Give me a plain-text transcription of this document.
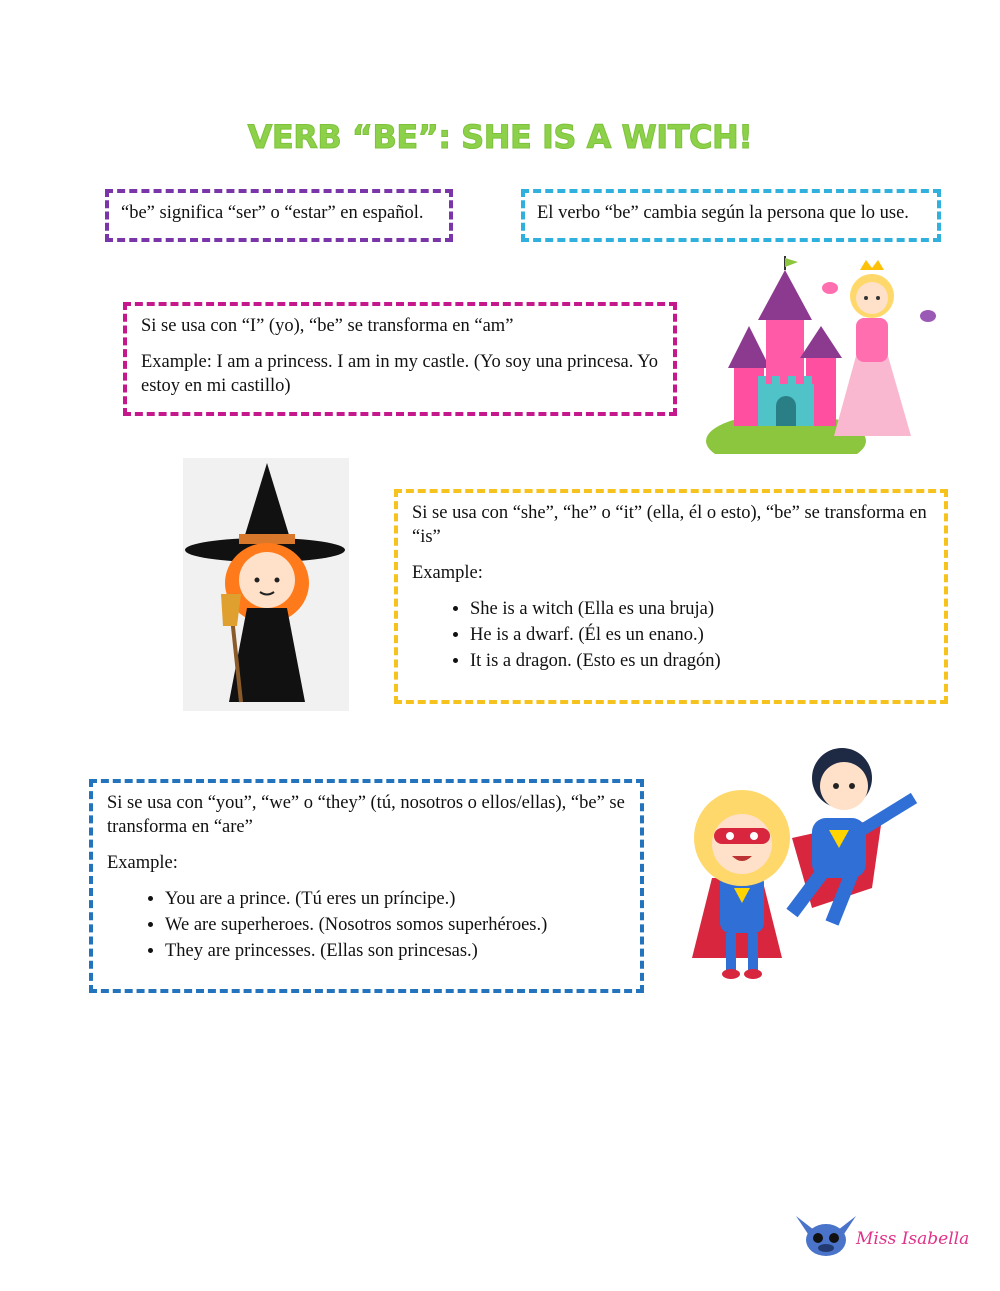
VERB “BE”: SHE IS A WITCH!
“be” significa “ser” o “estar” en español.	El verbo “be” cambia según la persona que lo use.

Si se usa con “I” (yo), “be” se transforma en “am”

Example: I am a princess. I am in my castle. (Yo soy una princesa. Yo estoy en mi castillo)

Si se usa con “she”, “he” o “it” (ella, él o esto), “be” se transforma en “is”

Example:

• She is a witch (Ella es una bruja)
• He is a dwarf. (Él es un enano.)
• It is a dragon. (Esto es un dragón)

Si se usa con “you”, “we” o “they” (tú, nosotros o ellos/ellas), “be” se transforma en “are”

Example:

• You are a prince. (Tú eres un príncipe.)
• We are superheroes. (Nosotros somos superhéroes.)
• They are princesses. (Ellas son princesas.)
Miss Isabella
